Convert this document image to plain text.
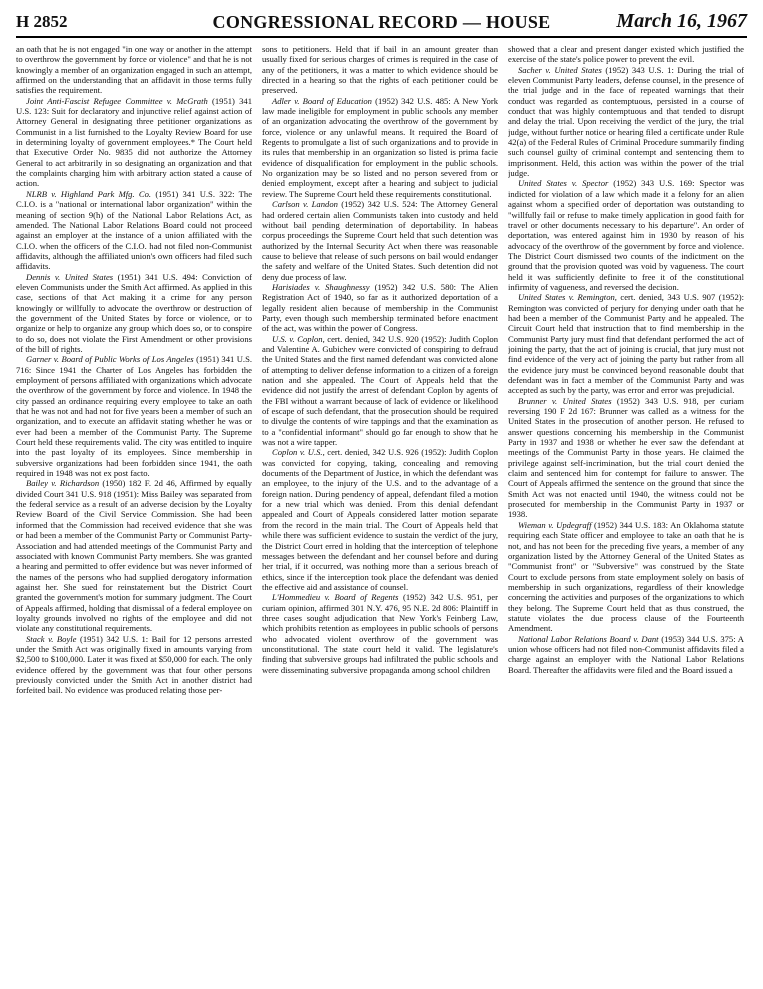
H 2852	CONGRESSIONAL RECORD — HOUSE	March 16, 1967

an oath that he is not engaged "in one way or another in the attempt to overthrow the government by force or violence" and that he is not knowingly a member of an organization engaged in such an attempt, affirmed on the understanding that an affidavit in those terms fully satisfies the requirement.

Joint Anti-Fascist Refugee Committee v. McGrath (1951) 341 U.S. 123: Suit for declaratory and injunctive relief against action of Attorney General in designating three petitioner organizations as Communist in a list furnished to the Loyalty Review Board for use in determining loyalty of government employees.* The Court held that Executive Order No. 9835 did not authorize the Attorney General to act arbitrarily in so designating an organization and that the complaints charging him with arbitrary action stated a cause of action.

NLRB v. Highland Park Mfg. Co. (1951) 341 U.S. 322: The C.I.O. is a "national or international labor organization" within the meaning of section 9(h) of the National Labor Relations Act, as amended. The National Labor Relations Board could not proceed against an employer at the instance of a union affiliated with the C.I.O. when the officers of the C.I.O. had not filed non-Communist affidavits, although the affiliated union's own officers had filed such affidavits.

Dennis v. United States (1951) 341 U.S. 494: Conviction of eleven Communists under the Smith Act affirmed. As applied in this case, sections of that Act making it a crime for any person knowingly or willfully to advocate the overthrow or destruction of the government of the United States by force or violence, or to organize or help to organize any group which does so, or to conspire to do so, does not violate the First Amendment or other provisions of the bill of rights.

Garner v. Board of Public Works of Los Angeles (1951) 341 U.S. 716: Since 1941 the Charter of Los Angeles has forbidden the employment of persons affiliated with organizations which advocate the overthrow of the government by force and violence. In 1948 the city passed an ordinance requiring every employee to take an oath that he was not and had not for five years been a member of such an organization, and to execute an affidavit stating whether he was or ever had been a member of the Communist Party. The Supreme Court held these requirements valid. The city was entitled to inquire into the past loyalty of its employees. Since membership in subversive organizations had been forbidden since 1941, the oath required in 1948 was not ex post facto.

Bailey v. Richardson (1950) 182 F. 2d 46, Affirmed by equally divided Court 341 U.S. 918 (1951): Miss Bailey was separated from the federal service as a result of an adverse decision by the Loyalty Review Board of the Civil Service Commission. She had been informed that the Commission had received evidence that she was or had been a member of the Communist Party or Communist Party-Association and had attended meetings of the Communist Party and associated with known Communist Party members. She was granted a hearing and permitted to offer evidence but was never informed of the names of the persons who had supplied derogatory information against her. She sued for reinstatement but the District Court granted the government's motion for summary judgment. The Court of Appeals affirmed, holding that dismissal of a federal employee on loyalty grounds involved no rights of the employee and did not violate any constitutional requirements.

Stack v. Boyle (1951) 342 U.S. 1: Bail for 12 persons arrested under the Smith Act was originally fixed in amounts varying from $2,500 to $100,000. Later it was fixed at $50,000 for each. The only evidence offered by the government was that four other persons previously convicted under the Smith Act in another district had forfeited bail. No evidence was produced relating those per-

sons to petitioners. Held that if bail in an amount greater than usually fixed for serious charges of crimes is required in the case of any of the petitioners, it was a matter to which evidence should be directed in a hearing so that the rights of each petitioner could be preserved.

Adler v. Board of Education (1952) 342 U.S. 485: A New York law made ineligible for employment in public schools any member of an organization advocating the overthrow of the government by force, violence or any unlawful means. It required the Board of Regents to promulgate a list of such organizations and to provide in its rules that membership in an organization so listed is prima facie evidence of disqualification for employment in the public schools. No organization may be so listed and no person severed from or denied employment, except after a hearing and subject to judicial review. The Supreme Court held these requirements constitutional.

Carlson v. Landon (1952) 342 U.S. 524: The Attorney General had ordered certain alien Communists taken into custody and held without bail pending determination of deportability. In habeas corpus proceedings the Supreme Court held that such detention was authorized by the Internal Security Act when there was reasonable cause to believe that release of such persons on bail would endanger the safety and welfare of the United States. Such detention did not deny due process of law.

Harisiades v. Shaughnessy (1952) 342 U.S. 580: The Alien Registration Act of 1940, so far as it authorized deportation of a legally resident alien because of membership in the Communist Party, even though such membership terminated before enactment of the act, was within the power of Congress.

U.S. v. Coplon, cert. denied, 342 U.S. 920 (1952): Judith Coplon and Valentine A. Gubichev were convicted of conspiring to defraud the United States and the first named defendant was convicted alone of attempting to deliver defense information to a citizen of a foreign nation and she appealed. The Court of Appeals held that the evidence did not justify the arrest of defendant Coplon by agents of the FBI without a warrant because of lack of evidence or likelihood of escape of such defendant, that the prosecution should be required to divulge the contents of wire tappings and that the examination as to a "confidential informant" should go far enough to show that he was not a wire tapper.

Coplon v. U.S., cert. denied, 342 U.S. 926 (1952): Judith Coplon was convicted for copying, taking, concealing and removing documents of the Department of Justice, in which the defendant was an employee, to the injury of the U.S. and to the advantage of a foreign nation. During pendency of appeal, defendant filed a motion for a new trial which was denied. From this denial defendant appealed and Court of Appeals considered latter motion separate from the record in the main trial. The Court of Appeals held that while there was sufficient evidence to sustain the verdict of the jury, the District Court erred in holding that the interception of telephone messages between the defendant and her counsel before and during her trial, if it occurred, was nothing more than a serious breach of ethics, since if the interception took place the defendant was denied the effective aid and assistance of counsel.

L'Hommedieu v. Board of Regents (1952) 342 U.S. 951, per curiam opinion, affirmed 301 N.Y. 476, 95 N.E. 2d 806: Plaintiff in three cases sought adjudication that New York's Feinberg Law, which prohibits retention as employees in public schools of persons who advocated violent overthrow of the government was unconstitutional. The state court held it valid. The legislature's finding that subversive groups had infiltrated the public schools and were disseminating subversive propaganda among school children

showed that a clear and present danger existed which justified the exercise of the state's police power to prevent the evil.

Sacher v. United States (1952) 343 U.S. 1: During the trial of eleven Communist Party leaders, defense counsel, in the presence of the trial judge and in the face of repeated warnings that their conduct was regarded as contemptuous, persisted in a course of conduct that was highly contemptuous and that tended to disrupt and delay the trial. Upon receiving the verdict of the jury, the trial judge, without further notice or hearing filed a certificate under Rule 42(a) of the Federal Rules of Criminal Procedure summarily finding such counsel guilty of criminal contempt and sentencing them to imprisonment. Held, this action was within the power of the trial judge.

United States v. Spector (1952) 343 U.S. 169: Spector was indicted for violation of a law which made it a felony for an alien against whom a specified order of deportation was outstanding to "willfully fail or refuse to make timely application in good faith for travel or other documents necessary to his departure". An order of deportation, was entered against him in 1930 by reason of his advocacy of the overthrow of the government by force and violence. The District Court dismissed two counts of the indictment on the ground that the provision quoted was void by vagueness. The court held it was sufficiently definite to free it of the constitutional infirmity of vagueness, and reversed the decision.

United States v. Remington, cert. denied, 343 U.S. 907 (1952): Remington was convicted of perjury for denying under oath that he had been a member of the Communist Party and he appealed. The Circuit Court held that instruction that to find membership in the Communist Party jury must find that defendant performed the act of joining the party, that the act of joining is crucial, that jury must not find evidence of the very act of joining the party but rather from all the evidence jury must be convinced beyond reasonable doubt that defendant was in fact a member of the Communist Party and was accepted as such by the party, was error and error was prejudicial.

Brunner v. United States (1952) 343 U.S. 918, per curiam reversing 190 F 2d 167: Brunner was called as a witness for the United States in the prosecution of another person. He refused to answer questions concerning his membership in the Communist Party in 1937 and 1938 or whether he ever saw the defendant at meetings of the Communist Party in those years. He claimed the privilege against self-incrimination, but the trial court denied the claim and sentenced him for contempt for failure to answer. The Court of Appeals affirmed the sentence on the ground that since the Smith Act was not enacted until 1940, the witness could not be prosecuted for membership in the Communist Party in 1937 or 1938.

Wieman v. Updegraff (1952) 344 U.S. 183: An Oklahoma statute requiring each State officer and employee to take an oath that he is not, and has not been for the preceding five years, a member of any organization listed by the Attorney General of the United States as "Communist front" or "Subversive" was construed by the State Court to exclude persons from state employment solely on basis of membership in such organizations, regardless of their knowledge concerning the activities and purposes of the organizations to which they belong. The Supreme Court held that as thus construed, the statute violates the due process clause of the Fourteenth Amendment.

National Labor Relations Board v. Dant (1953) 344 U.S. 375: A union whose officers had not filed non-Communist affidavits filed a charge against an employer with the National Labor Relations Board. Thereafter the affidavits were filed and the Board issued a
